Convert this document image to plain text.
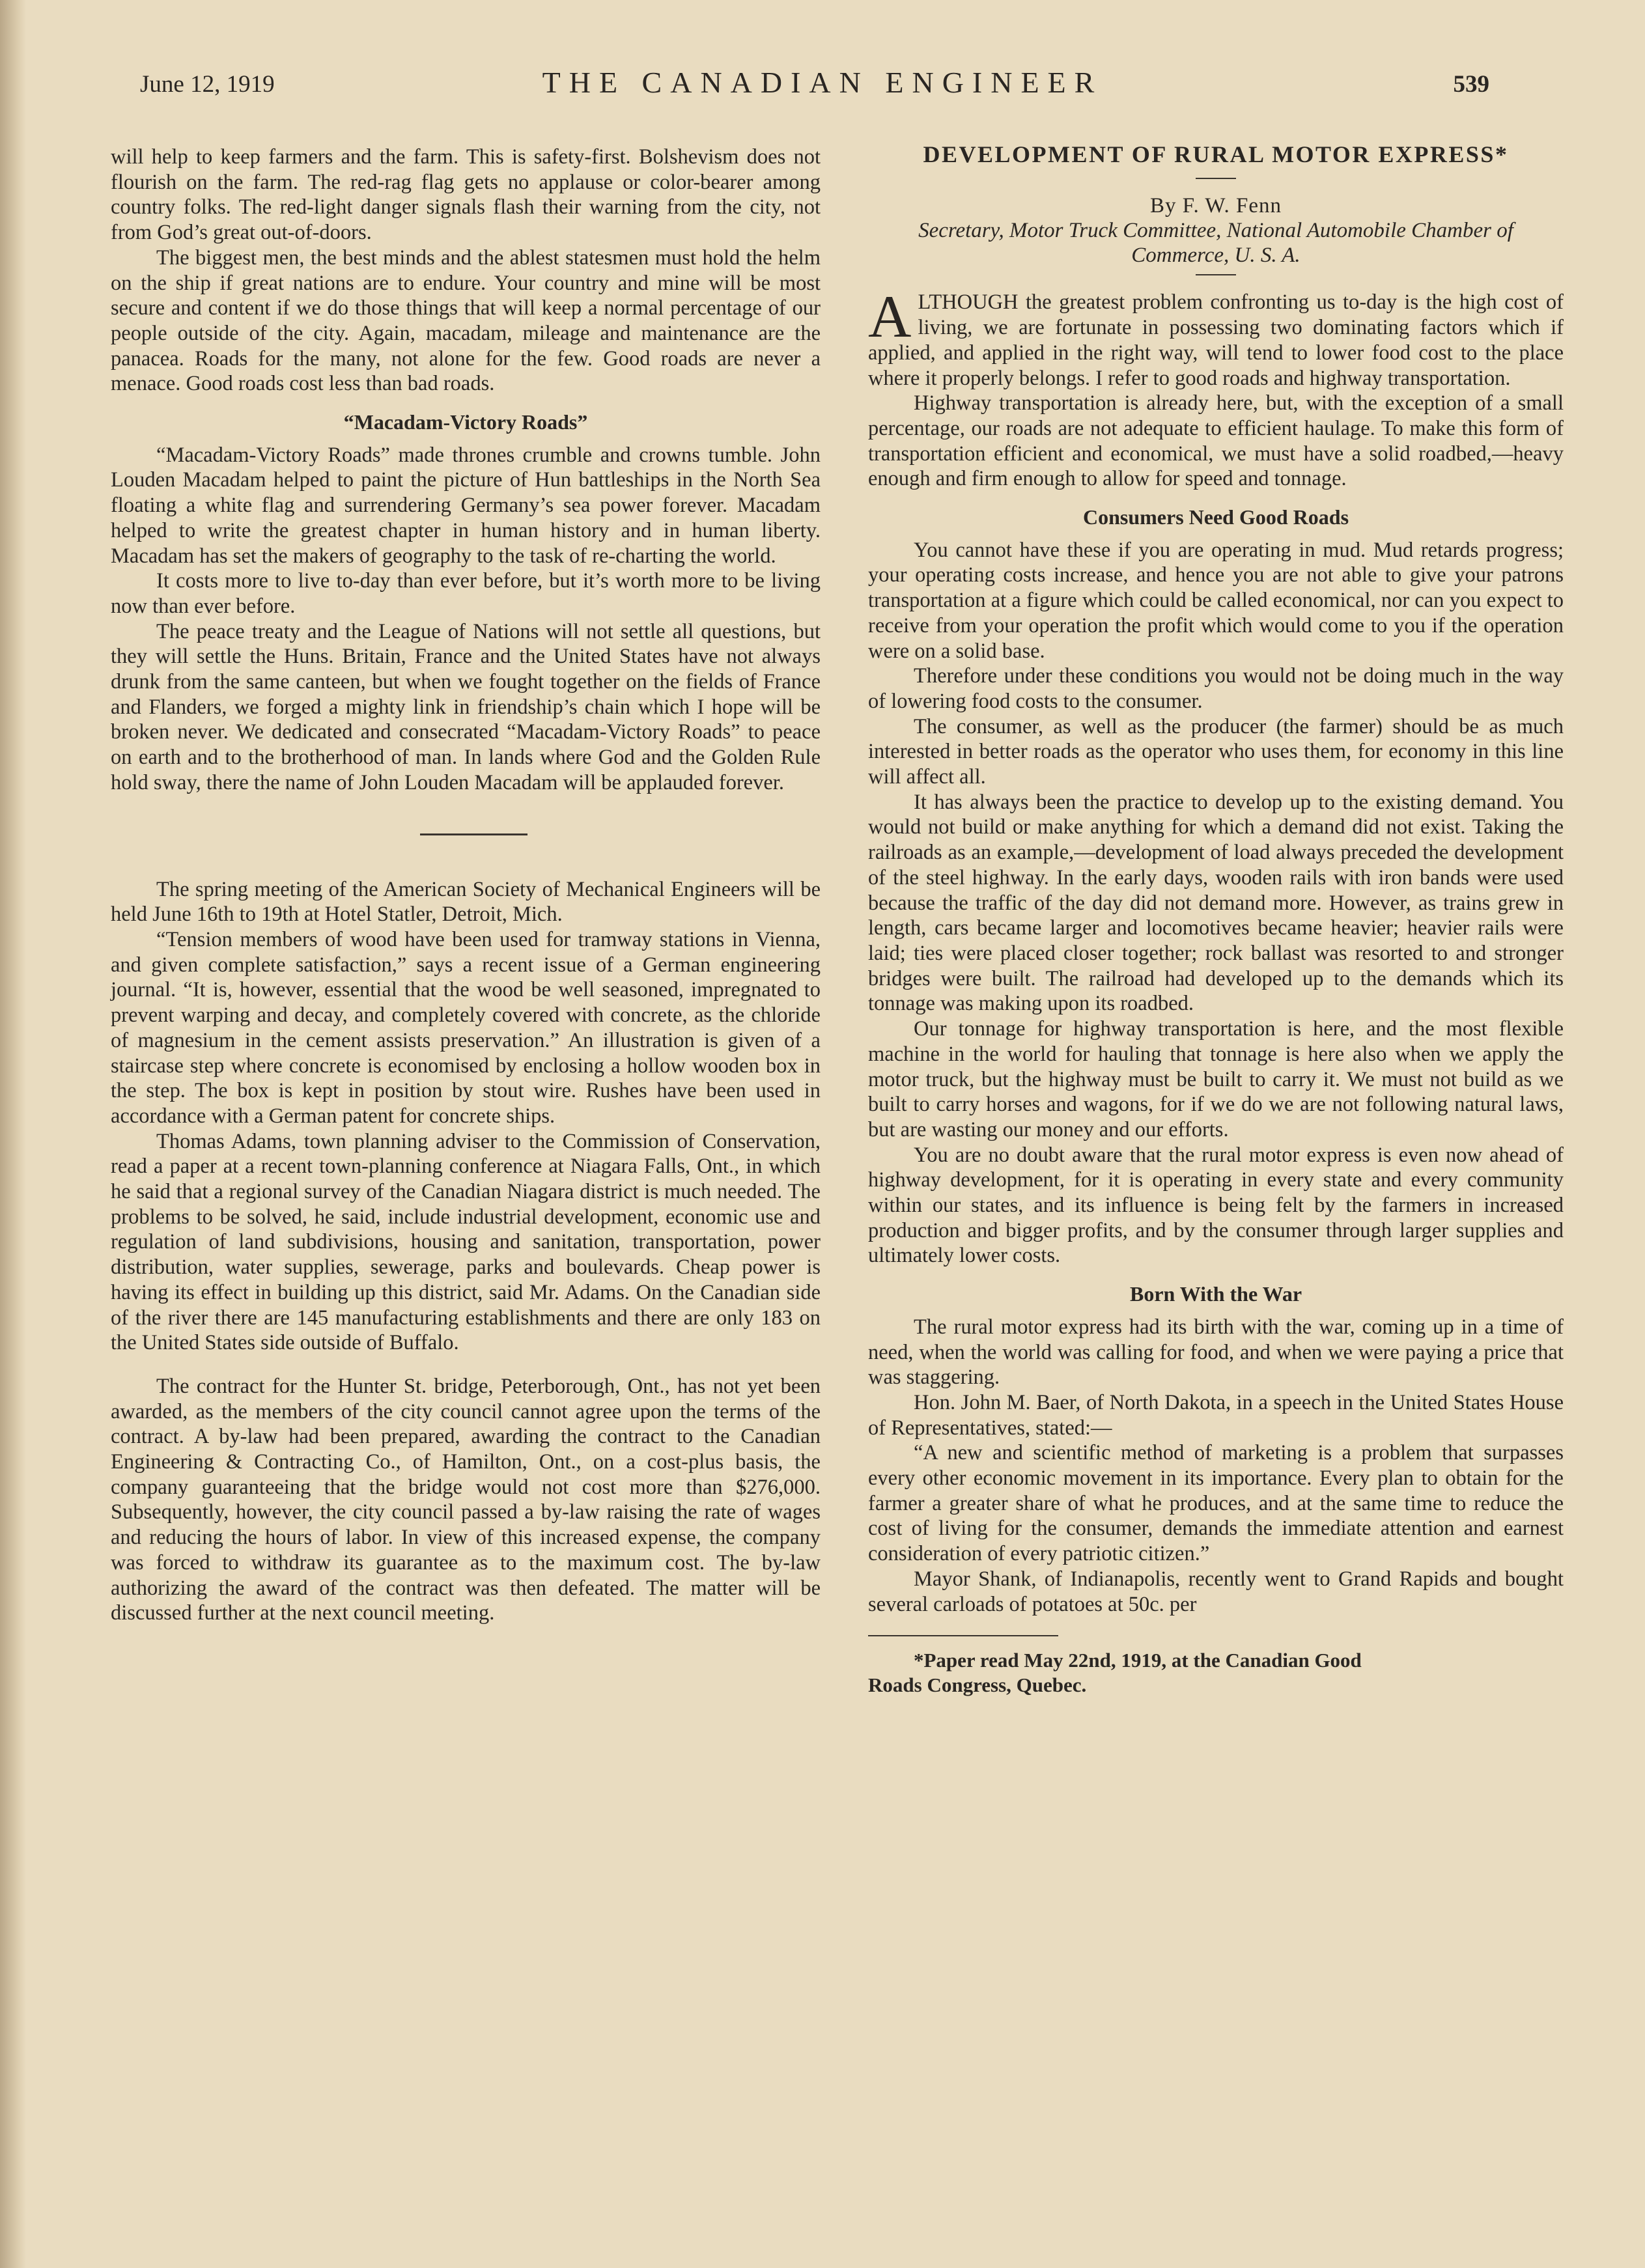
June 12, 1919	THE CANADIAN ENGINEER	539

will help to keep farmers and the farm. This is safety-first. Bolshevism does not flourish on the farm. The red-rag flag gets no applause or color-bearer among country folks. The red-light danger signals flash their warning from the city, not from God’s great out-of-doors.

The biggest men, the best minds and the ablest statesmen must hold the helm on the ship if great nations are to endure. Your country and mine will be most secure and content if we do those things that will keep a normal percentage of our people outside of the city. Again, macadam, mileage and maintenance are the panacea. Roads for the many, not alone for the few. Good roads are never a menace. Good roads cost less than bad roads.

“Macadam-Victory Roads”

“Macadam-Victory Roads” made thrones crumble and crowns tumble. John Louden Macadam helped to paint the picture of Hun battleships in the North Sea floating a white flag and surrendering Germany’s sea power forever. Macadam helped to write the greatest chapter in human history and in human liberty. Macadam has set the makers of geography to the task of re-charting the world.

It costs more to live to-day than ever before, but it’s worth more to be living now than ever before.

The peace treaty and the League of Nations will not settle all questions, but they will settle the Huns. Britain, France and the United States have not always drunk from the same canteen, but when we fought together on the fields of France and Flanders, we forged a mighty link in friendship’s chain which I hope will be broken never. We dedicated and consecrated “Macadam-Victory Roads” to peace on earth and to the brotherhood of man. In lands where God and the Golden Rule hold sway, there the name of John Louden Macadam will be applauded forever.

The spring meeting of the American Society of Mechanical Engineers will be held June 16th to 19th at Hotel Statler, Detroit, Mich.

“Tension members of wood have been used for tramway stations in Vienna, and given complete satisfaction,” says a recent issue of a German engineering journal. “It is, however, essential that the wood be well seasoned, impregnated to prevent warping and decay, and completely covered with concrete, as the chloride of magnesium in the cement assists preservation.” An illustration is given of a staircase step where concrete is economised by enclosing a hollow wooden box in the step. The box is kept in position by stout wire. Rushes have been used in accordance with a German patent for concrete ships.

Thomas Adams, town planning adviser to the Commission of Conservation, read a paper at a recent town-planning conference at Niagara Falls, Ont., in which he said that a regional survey of the Canadian Niagara district is much needed. The problems to be solved, he said, include industrial development, economic use and regulation of land subdivisions, housing and sanitation, transportation, power distribution, water supplies, sewerage, parks and boulevards. Cheap power is having its effect in building up this district, said Mr. Adams. On the Canadian side of the river there are 145 manufacturing establishments and there are only 183 on the United States side outside of Buffalo.

The contract for the Hunter St. bridge, Peterborough, Ont., has not yet been awarded, as the members of the city council cannot agree upon the terms of the contract. A by-law had been prepared, awarding the contract to the Canadian Engineering & Contracting Co., of Hamilton, Ont., on a cost-plus basis, the company guaranteeing that the bridge would not cost more than $276,000. Subsequently, however, the city council passed a by-law raising the rate of wages and reducing the hours of labor. In view of this increased expense, the company was forced to withdraw its guarantee as to the maximum cost. The by-law authorizing the award of the contract was then defeated. The matter will be discussed further at the next council meeting.

DEVELOPMENT OF RURAL MOTOR EXPRESS*
By F. W. Fenn
Secretary, Motor Truck Committee, National Automobile Chamber of Commerce, U. S. A.

ALTHOUGH the greatest problem confronting us to-day is the high cost of living, we are fortunate in possessing two dominating factors which if applied, and applied in the right way, will tend to lower food cost to the place where it properly belongs. I refer to good roads and highway transportation.

Highway transportation is already here, but, with the exception of a small percentage, our roads are not adequate to efficient haulage. To make this form of transportation efficient and economical, we must have a solid roadbed,—heavy enough and firm enough to allow for speed and tonnage.

Consumers Need Good Roads

You cannot have these if you are operating in mud. Mud retards progress; your operating costs increase, and hence you are not able to give your patrons transportation at a figure which could be called economical, nor can you expect to receive from your operation the profit which would come to you if the operation were on a solid base.

Therefore under these conditions you would not be doing much in the way of lowering food costs to the consumer.

The consumer, as well as the producer (the farmer) should be as much interested in better roads as the operator who uses them, for economy in this line will affect all.

It has always been the practice to develop up to the existing demand. You would not build or make anything for which a demand did not exist. Taking the railroads as an example,—development of load always preceded the development of the steel highway. In the early days, wooden rails with iron bands were used because the traffic of the day did not demand more. However, as trains grew in length, cars became larger and locomotives became heavier; heavier rails were laid; ties were placed closer together; rock ballast was resorted to and stronger bridges were built. The railroad had developed up to the demands which its tonnage was making upon its roadbed.

Our tonnage for highway transportation is here, and the most flexible machine in the world for hauling that tonnage is here also when we apply the motor truck, but the highway must be built to carry it. We must not build as we built to carry horses and wagons, for if we do we are not following natural laws, but are wasting our money and our efforts.

You are no doubt aware that the rural motor express is even now ahead of highway development, for it is operating in every state and every community within our states, and its influence is being felt by the farmers in increased production and bigger profits, and by the consumer through larger supplies and ultimately lower costs.

Born With the War

The rural motor express had its birth with the war, coming up in a time of need, when the world was calling for food, and when we were paying a price that was staggering.

Hon. John M. Baer, of North Dakota, in a speech in the United States House of Representatives, stated:—

“A new and scientific method of marketing is a problem that surpasses every other economic movement in its importance. Every plan to obtain for the farmer a greater share of what he produces, and at the same time to reduce the cost of living for the consumer, demands the immediate attention and earnest consideration of every patriotic citizen.”

Mayor Shank, of Indianapolis, recently went to Grand Rapids and bought several carloads of potatoes at 50c. per

*Paper read May 22nd, 1919, at the Canadian Good
Roads Congress, Quebec.
